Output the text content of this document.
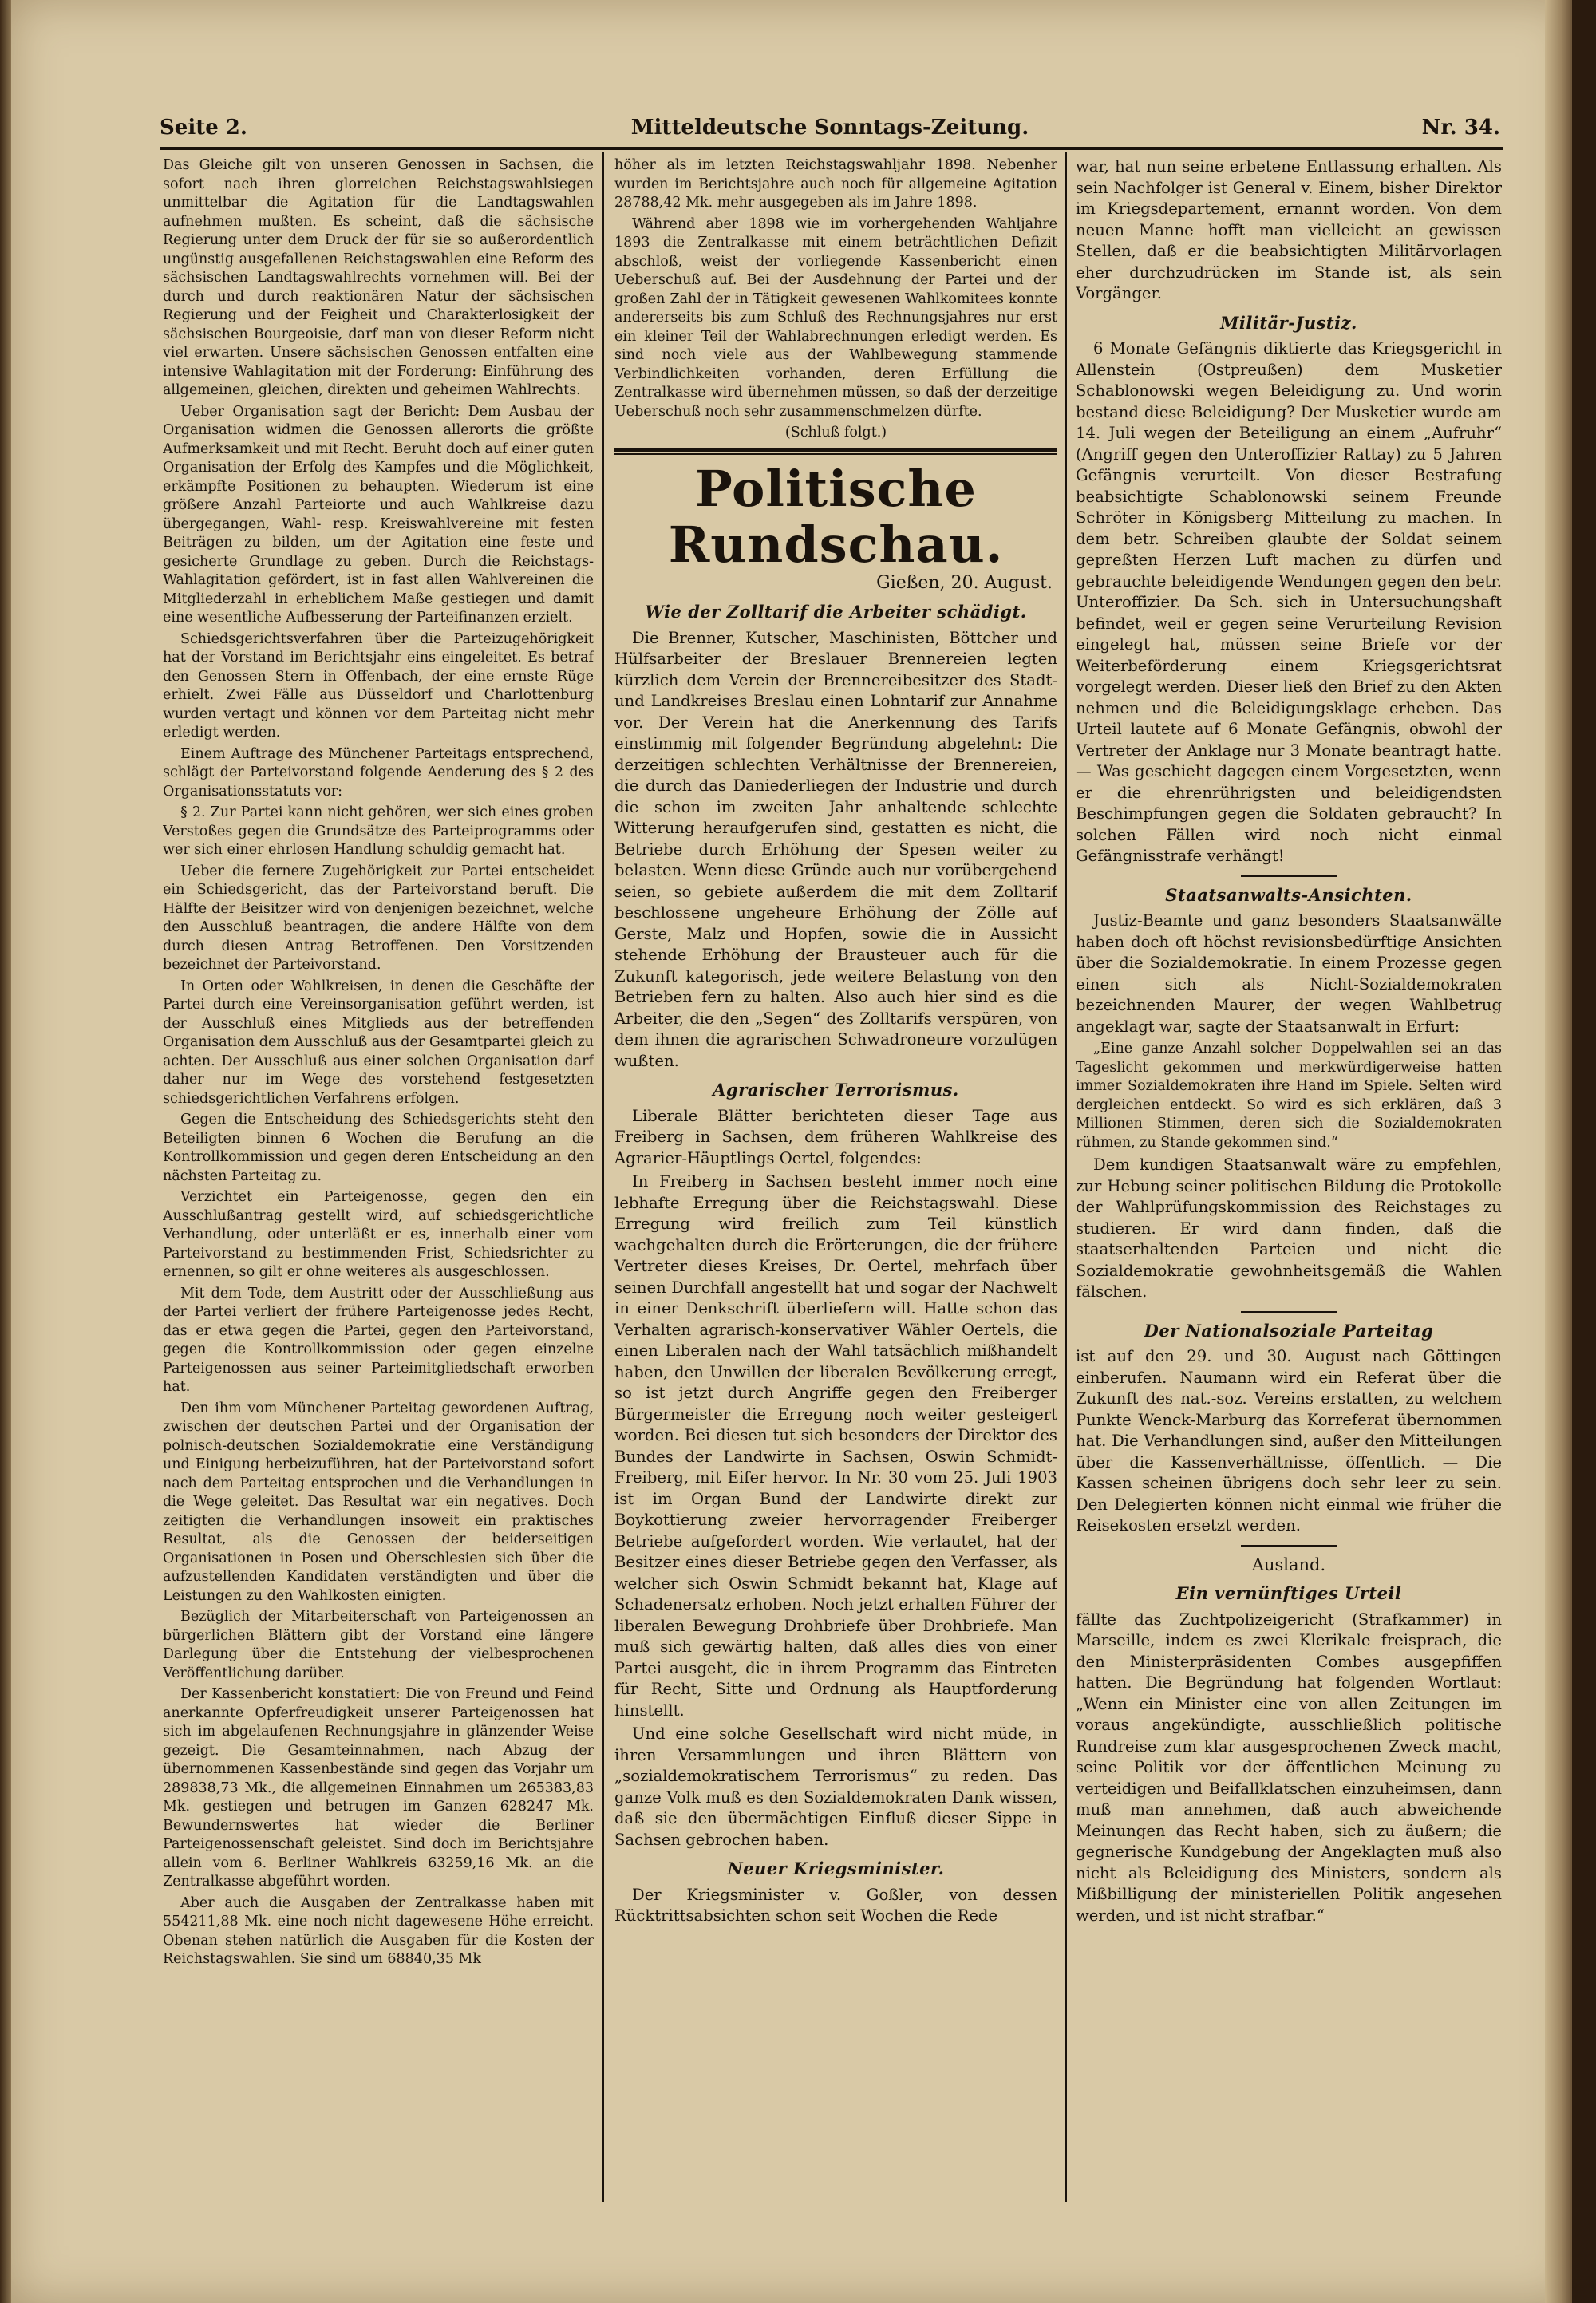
Seite 2.	Mitteldeutsche Sonntags-Zeitung.	Nr. 34.

Das Gleiche gilt von unseren Genossen in Sachsen, die sofort nach ihren glorreichen Reichstagswahlsiegen unmittelbar die Agitation für die Landtagswahlen aufnehmen mußten. Es scheint, daß die sächsische Regierung unter dem Druck der für sie so außerordentlich ungünstig ausgefallenen Reichstagswahlen eine Reform des sächsischen Landtagswahlrechts vornehmen will. Bei der durch und durch reaktionären Natur der sächsischen Regierung und der Feigheit und Charakterlosigkeit der sächsischen Bourgeoisie, darf man von dieser Reform nicht viel erwarten. Unsere sächsischen Genossen entfalten eine intensive Wahlagitation mit der Forderung: Einführung des allgemeinen, gleichen, direkten und geheimen Wahlrechts.

Ueber Organisation sagt der Bericht: Dem Ausbau der Organisation widmen die Genossen allerorts die größte Aufmerksamkeit und mit Recht. Beruht doch auf einer guten Organisation der Erfolg des Kampfes und die Möglichkeit, erkämpfte Positionen zu behaupten. Wiederum ist eine größere Anzahl Parteiorte und auch Wahlkreise dazu übergegangen, Wahl- resp. Kreiswahlvereine mit festen Beiträgen zu bilden, um der Agitation eine feste und gesicherte Grundlage zu geben. Durch die Reichstags-Wahlagitation gefördert, ist in fast allen Wahlvereinen die Mitgliederzahl in erheblichem Maße gestiegen und damit eine wesentliche Aufbesserung der Parteifinanzen erzielt.

Schiedsgerichtsverfahren über die Parteizugehörigkeit hat der Vorstand im Berichtsjahr eins eingeleitet. Es betraf den Genossen Stern in Offenbach, der eine ernste Rüge erhielt. Zwei Fälle aus Düsseldorf und Charlottenburg wurden vertagt und können vor dem Parteitag nicht mehr erledigt werden.

Einem Auftrage des Münchener Parteitags entsprechend, schlägt der Parteivorstand folgende Aenderung des § 2 des Organisationsstatuts vor:

§ 2. Zur Partei kann nicht gehören, wer sich eines groben Verstoßes gegen die Grundsätze des Parteiprogramms oder wer sich einer ehrlosen Handlung schuldig gemacht hat.

Ueber die fernere Zugehörigkeit zur Partei entscheidet ein Schiedsgericht, das der Parteivorstand beruft. Die Hälfte der Beisitzer wird von denjenigen bezeichnet, welche den Ausschluß beantragen, die andere Hälfte von dem durch diesen Antrag Betroffenen. Den Vorsitzenden bezeichnet der Parteivorstand.

In Orten oder Wahlkreisen, in denen die Geschäfte der Partei durch eine Vereinsorganisation geführt werden, ist der Ausschluß eines Mitglieds aus der betreffenden Organisation dem Ausschluß aus der Gesamtpartei gleich zu achten. Der Ausschluß aus einer solchen Organisation darf daher nur im Wege des vorstehend festgesetzten schiedsgerichtlichen Verfahrens erfolgen.

Gegen die Entscheidung des Schiedsgerichts steht den Beteiligten binnen 6 Wochen die Berufung an die Kontrollkommission und gegen deren Entscheidung an den nächsten Parteitag zu.

Verzichtet ein Parteigenosse, gegen den ein Ausschlußantrag gestellt wird, auf schiedsgerichtliche Verhandlung, oder unterläßt er es, innerhalb einer vom Parteivorstand zu bestimmenden Frist, Schiedsrichter zu ernennen, so gilt er ohne weiteres als ausgeschlossen.

Mit dem Tode, dem Austritt oder der Ausschließung aus der Partei verliert der frühere Parteigenosse jedes Recht, das er etwa gegen die Partei, gegen den Parteivorstand, gegen die Kontrollkommission oder gegen einzelne Parteigenossen aus seiner Parteimitgliedschaft erworben hat.

Den ihm vom Münchener Parteitag gewordenen Auftrag, zwischen der deutschen Partei und der Organisation der polnisch-deutschen Sozialdemokratie eine Verständigung und Einigung herbeizuführen, hat der Parteivorstand sofort nach dem Parteitag entsprochen und die Verhandlungen in die Wege geleitet. Das Resultat war ein negatives. Doch zeitigten die Verhandlungen insoweit ein praktisches Resultat, als die Genossen der beiderseitigen Organisationen in Posen und Oberschlesien sich über die aufzustellenden Kandidaten verständigten und über die Leistungen zu den Wahlkosten einigten.

Bezüglich der Mitarbeiterschaft von Parteigenossen an bürgerlichen Blättern gibt der Vorstand eine längere Darlegung über die Entstehung der vielbesprochenen Veröffentlichung darüber.

Der Kassenbericht konstatiert: Die von Freund und Feind anerkannte Opferfreudigkeit unserer Parteigenossen hat sich im abgelaufenen Rechnungsjahre in glänzender Weise gezeigt. Die Gesamteinnahmen, nach Abzug der übernommenen Kassenbestände sind gegen das Vorjahr um 289838,73 Mk., die allgemeinen Einnahmen um 265383,83 Mk. gestiegen und betrugen im Ganzen 628247 Mk. Bewundernswertes hat wieder die Berliner Parteigenossenschaft geleistet. Sind doch im Berichtsjahre allein vom 6. Berliner Wahlkreis 63259,16 Mk. an die Zentralkasse abgeführt worden.

Aber auch die Ausgaben der Zentralkasse haben mit 554211,88 Mk. eine noch nicht dagewesene Höhe erreicht. Obenan stehen natürlich die Ausgaben für die Kosten der Reichstagswahlen. Sie sind um 68840,35 Mk

höher als im letzten Reichstagswahljahr 1898. Nebenher wurden im Berichtsjahre auch noch für allgemeine Agitation 28788,42 Mk. mehr ausgegeben als im Jahre 1898.

Während aber 1898 wie im vorhergehenden Wahljahre 1893 die Zentralkasse mit einem beträchtlichen Defizit abschloß, weist der vorliegende Kassenbericht einen Ueberschuß auf. Bei der Ausdehnung der Partei und der großen Zahl der in Tätigkeit gewesenen Wahlkomitees konnte andererseits bis zum Schluß des Rechnungsjahres nur erst ein kleiner Teil der Wahlabrechnungen erledigt werden. Es sind noch viele aus der Wahlbewegung stammende Verbindlichkeiten vorhanden, deren Erfüllung die Zentralkasse wird übernehmen müssen, so daß der derzeitige Ueberschuß noch sehr zusammenschmelzen dürfte.

(Schluß folgt.)

Politische Rundschau.
Gießen, 20. August.
Wie der Zolltarif die Arbeiter schädigt.

Die Brenner, Kutscher, Maschinisten, Böttcher und Hülfsarbeiter der Breslauer Brennereien legten kürzlich dem Verein der Brennereibesitzer des Stadt- und Landkreises Breslau einen Lohntarif zur Annahme vor. Der Verein hat die Anerkennung des Tarifs einstimmig mit folgender Begründung abgelehnt: Die derzeitigen schlechten Verhältnisse der Brennereien, die durch das Daniederliegen der Industrie und durch die schon im zweiten Jahr anhaltende schlechte Witterung heraufgerufen sind, gestatten es nicht, die Betriebe durch Erhöhung der Spesen weiter zu belasten. Wenn diese Gründe auch nur vorübergehend seien, so gebiete außerdem die mit dem Zolltarif beschlossene ungeheure Erhöhung der Zölle auf Gerste, Malz und Hopfen, sowie die in Aussicht stehende Erhöhung der Brausteuer auch für die Zukunft kategorisch, jede weitere Belastung von den Betrieben fern zu halten. Also auch hier sind es die Arbeiter, die den „Segen“ des Zolltarifs verspüren, von dem ihnen die agrarischen Schwadroneure vorzulügen wußten.

Agrarischer Terrorismus.

Liberale Blätter berichteten dieser Tage aus Freiberg in Sachsen, dem früheren Wahlkreise des Agrarier-Häuptlings Oertel, folgendes:

In Freiberg in Sachsen besteht immer noch eine lebhafte Erregung über die Reichstagswahl. Diese Erregung wird freilich zum Teil künstlich wachgehalten durch die Erörterungen, die der frühere Vertreter dieses Kreises, Dr. Oertel, mehrfach über seinen Durchfall angestellt hat und sogar der Nachwelt in einer Denkschrift überliefern will. Hatte schon das Verhalten agrarisch-konservativer Wähler Oertels, die einen Liberalen nach der Wahl tatsächlich mißhandelt haben, den Unwillen der liberalen Bevölkerung erregt, so ist jetzt durch Angriffe gegen den Freiberger Bürgermeister die Erregung noch weiter gesteigert worden. Bei diesen tut sich besonders der Direktor des Bundes der Landwirte in Sachsen, Oswin Schmidt-Freiberg, mit Eifer hervor. In Nr. 30 vom 25. Juli 1903 ist im Organ Bund der Landwirte direkt zur Boykottierung zweier hervorragender Freiberger Betriebe aufgefordert worden. Wie verlautet, hat der Besitzer eines dieser Betriebe gegen den Verfasser, als welcher sich Oswin Schmidt bekannt hat, Klage auf Schadenersatz erhoben. Noch jetzt erhalten Führer der liberalen Bewegung Drohbriefe über Drohbriefe. Man muß sich gewärtig halten, daß alles dies von einer Partei ausgeht, die in ihrem Programm das Eintreten für Recht, Sitte und Ordnung als Hauptforderung hinstellt.

Und eine solche Gesellschaft wird nicht müde, in ihren Versammlungen und ihren Blättern von „sozialdemokratischem Terrorismus“ zu reden. Das ganze Volk muß es den Sozialdemokraten Dank wissen, daß sie den übermächtigen Einfluß dieser Sippe in Sachsen gebrochen haben.

Neuer Kriegsminister.

Der Kriegsminister v. Goßler, von dessen Rücktrittsabsichten schon seit Wochen die Rede

war, hat nun seine erbetene Entlassung erhalten. Als sein Nachfolger ist General v. Einem, bisher Direktor im Kriegsdepartement, ernannt worden. Von dem neuen Manne hofft man vielleicht an gewissen Stellen, daß er die beabsichtigten Militärvorlagen eher durchzudrücken im Stande ist, als sein Vorgänger.

Militär-Justiz.

6 Monate Gefängnis diktierte das Kriegsgericht in Allenstein (Ostpreußen) dem Musketier Schablonowski wegen Beleidigung zu. Und worin bestand diese Beleidigung? Der Musketier wurde am 14. Juli wegen der Beteiligung an einem „Aufruhr“ (Angriff gegen den Unteroffizier Rattay) zu 5 Jahren Gefängnis verurteilt. Von dieser Bestrafung beabsichtigte Schablonowski seinem Freunde Schröter in Königsberg Mitteilung zu machen. In dem betr. Schreiben glaubte der Soldat seinem gepreßten Herzen Luft machen zu dürfen und gebrauchte beleidigende Wendungen gegen den betr. Unteroffizier. Da Sch. sich in Untersuchungshaft befindet, weil er gegen seine Verurteilung Revision eingelegt hat, müssen seine Briefe vor der Weiterbeförderung einem Kriegsgerichtsrat vorgelegt werden. Dieser ließ den Brief zu den Akten nehmen und die Beleidigungsklage erheben. Das Urteil lautete auf 6 Monate Gefängnis, obwohl der Vertreter der Anklage nur 3 Monate beantragt hatte. — Was geschieht dagegen einem Vorgesetzten, wenn er die ehrenrührigsten und beleidigendsten Beschimpfungen gegen die Soldaten gebraucht? In solchen Fällen wird noch nicht einmal Gefängnisstrafe verhängt!

Staatsanwalts-Ansichten.

Justiz-Beamte und ganz besonders Staatsanwälte haben doch oft höchst revisionsbedürftige Ansichten über die Sozialdemokratie. In einem Prozesse gegen einen sich als Nicht-Sozialdemokraten bezeichnenden Maurer, der wegen Wahlbetrug angeklagt war, sagte der Staatsanwalt in Erfurt:

„Eine ganze Anzahl solcher Doppelwahlen sei an das Tageslicht gekommen und merkwürdigerweise hatten immer Sozialdemokraten ihre Hand im Spiele. Selten wird dergleichen entdeckt. So wird es sich erklären, daß 3 Millionen Stimmen, deren sich die Sozialdemokraten rühmen, zu Stande gekommen sind.“

Dem kundigen Staatsanwalt wäre zu empfehlen, zur Hebung seiner politischen Bildung die Protokolle der Wahlprüfungskommission des Reichstages zu studieren. Er wird dann finden, daß die staatserhaltenden Parteien und nicht die Sozialdemokratie gewohnheitsgemäß die Wahlen fälschen.

Der Nationalsoziale Parteitag

ist auf den 29. und 30. August nach Göttingen einberufen. Naumann wird ein Referat über die Zukunft des nat.-soz. Vereins erstatten, zu welchem Punkte Wenck-Marburg das Korreferat übernommen hat. Die Verhandlungen sind, außer den Mitteilungen über die Kassenverhältnisse, öffentlich. — Die Kassen scheinen übrigens doch sehr leer zu sein. Den Delegierten können nicht einmal wie früher die Reisekosten ersetzt werden.

Ausland.
Ein vernünftiges Urteil

fällte das Zuchtpolizeigericht (Strafkammer) in Marseille, indem es zwei Klerikale freisprach, die den Ministerpräsidenten Combes ausgepfiffen hatten. Die Begründung hat folgenden Wortlaut: „Wenn ein Minister eine von allen Zeitungen im voraus angekündigte, ausschließlich politische Rundreise zum klar ausgesprochenen Zweck macht, seine Politik vor der öffentlichen Meinung zu verteidigen und Beifallklatschen einzuheimsen, dann muß man annehmen, daß auch abweichende Meinungen das Recht haben, sich zu äußern; die gegnerische Kundgebung der Angeklagten muß also nicht als Beleidigung des Ministers, sondern als Mißbilligung der ministeriellen Politik angesehen werden, und ist nicht strafbar.“
